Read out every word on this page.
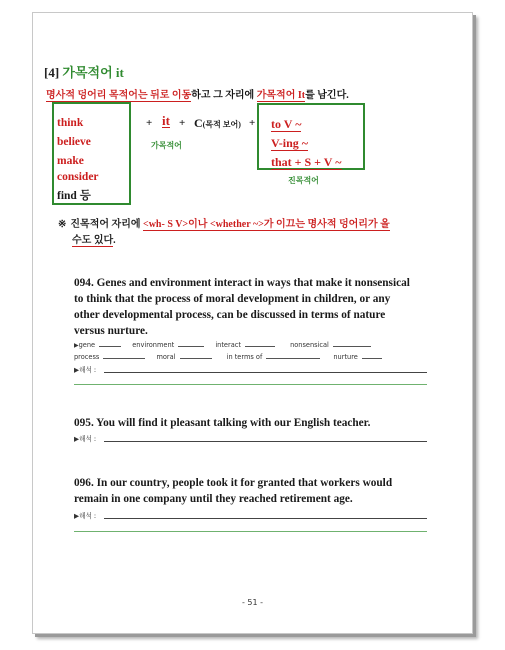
[4] 가목적어 it
명사적 덩어리 목적어는 뒤로 이동하고 그 자리에 가목적어 It를 남긴다.
think
believe
make
consider
find 등
+ it + C(목적 보어) +
가목적어
to V ~
V-ing ~
that + S + V ~
진목적어
※ 진목적어 자리에 <wh- S V>이나 <whether ~>가 이끄는 명사적 덩어리가 올
수도 있다.
094. Genes and environment interact in ways that make it nonsensical
to think that the process of moral development in children, or any
other developmental process, can be discussed in terms of nature
versus nurture.
▶gene	environment	interact	nonsensical
process	moral	in terms of	nurture
▶해석 :
095. You will find it pleasant talking with our English teacher.
▶해석 :
096. In our country, people took it for granted that workers would
remain in one company until they reached retirement age.
▶해석 :
- 51 -
